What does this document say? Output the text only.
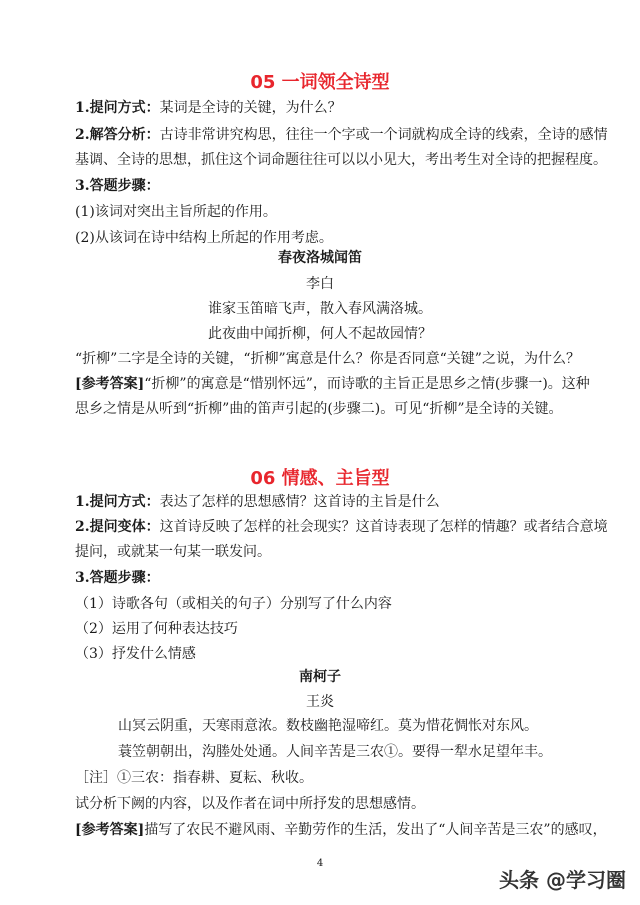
05 一词领全诗型
1.提问方式：某词是全诗的关键，为什么？
2.解答分析：古诗非常讲究构思，往往一个字或一个词就构成全诗的线索，全诗的感情
基调、全诗的思想，抓住这个词命题往往可以以小见大，考出考生对全诗的把握程度。
3.答题步骤：
(1)该词对突出主旨所起的作用。
(2)从该词在诗中结构上所起的作用考虑。
春夜洛城闻笛
李白
谁家玉笛暗飞声，散入春风满洛城。
此夜曲中闻折柳，何人不起故园情？
“折柳”二字是全诗的关键，“折柳”寓意是什么？你是否同意“关键”之说，为什么？
[参考答案]“折柳”的寓意是“惜别怀远”，而诗歌的主旨正是思乡之情(步骤一)。这种
思乡之情是从听到“折柳”曲的笛声引起的(步骤二)。可见“折柳”是全诗的关键。
06 情感、主旨型
1.提问方式：表达了怎样的思想感情？这首诗的主旨是什么
2.提问变体：这首诗反映了怎样的社会现实？这首诗表现了怎样的情趣？或者结合意境
提问，或就某一句某一联发问。
3.答题步骤：
（1）诗歌各句（或相关的句子）分别写了什么内容
（2）运用了何种表达技巧
（3）抒发什么情感
南柯子
王炎
山冥云阴重，天寒雨意浓。数枝幽艳湿啼红。莫为惜花惆怅对东风。
蓑笠朝朝出，沟塍处处通。人间辛苦是三农①。要得一犁水足望年丰。
［注］①三农：指春耕、夏耘、秋收。
试分析下阙的内容，以及作者在词中所抒发的思想感情。
[参考答案]描写了农民不避风雨、辛勤劳作的生活，发出了“人间辛苦是三农”的感叹，
4
头条 @学习圈
